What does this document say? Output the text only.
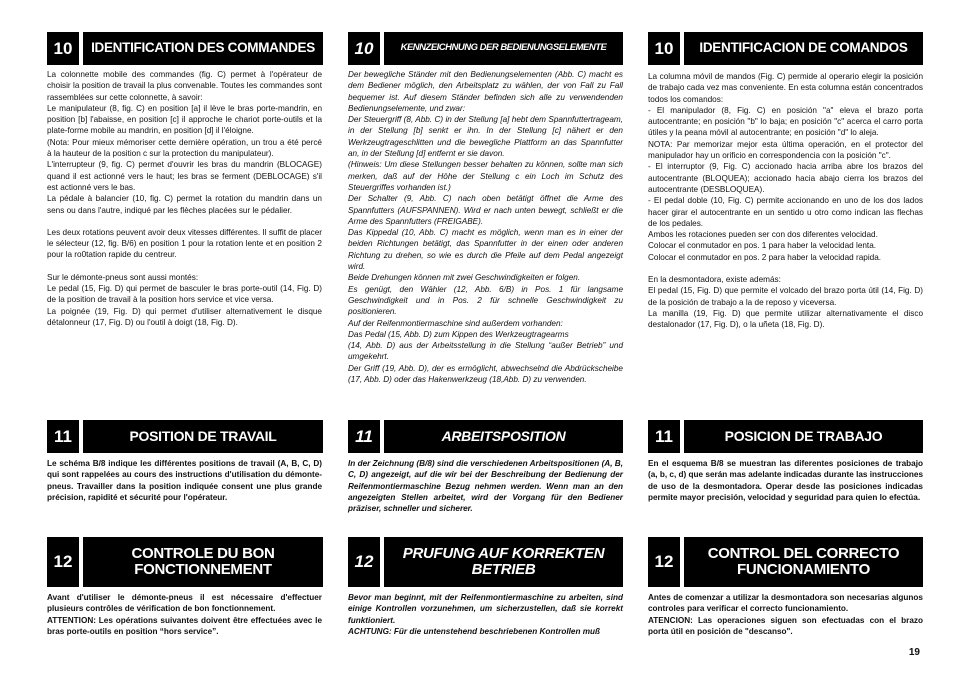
10	IDENTIFICATION DES COMMANDES

La colonnette mobile des commandes (fig. C) permet à l'opérateur de choisir la position de travail la plus convenable. Toutes les commandes sont rassemblées sur cette colonnette, à savoir:

Le manipulateur (8, fig. C) en position [a] il lève le bras porte-mandrin, en position [b] l'abaisse, en position [c] il approche le chariot porte-outils et la plate-forme mobile au mandrin, en position [d] il l'éloigne.

(Nota: Pour mieux mémoriser cette dernière opération, un trou a été percé à la hauteur de la position c sur la protection du manipulateur).

L'interrupteur (9, fig. C) permet d'ouvrir les bras du mandrin (BLOCAGE) quand il est actionné vers le haut; les bras se ferment (DEBLOCAGE) s'il est actionné vers le bas.

La pédale à balancier (10, fig. C) permet la rotation du mandrin dans un sens ou dans l'autre, indiqué par les flèches placées sur le pédalier.

Les deux rotations peuvent avoir deux vitesses différentes. Il suffit de placer le sélecteur (12, fig. B/6) en position 1 pour la rotation lente et en position 2 pour la ro0tation rapide du centreur.

Sur le démonte-pneus sont aussi montés:

Le pedal (15, Fig. D) qui permet de basculer le bras porte-outil (14, Fig. D) de la position de travail à la position hors service et vice versa.

La poignée (19, Fig. D) qui permet d'utiliser alternativement le disque détalonneur (17, Fig. D) ou l'outil à doigt (18, Fig. D).

11	POSITION DE TRAVAIL

Le schéma B/8 indique les différentes positions de travail (A, B, C, D) qui sont rappelées au cours des instructions d'utilisation du démonte-pneus. Travailler dans la position indiquée consent une plus grande précision, rapidité et sécurité pour l'opérateur.

12	CONTROLE DU BON
FONCTIONNEMENT

Avant d'utiliser le démonte-pneus il est nécessaire d'effectuer plusieurs contrôles de vérification de bon fonctionnement.

ATTENTION: Les opérations suivantes doivent être effectuées avec le bras porte-outils en position “hors service”.

10	KENNZEICHNUNG DER BEDIENUNGSELEMENTE

Der bewegliche Ständer mit den Bedienungselementen (Abb. C) macht es dem Bediener möglich, den Arbeitsplatz zu wählen, der von Fall zu Fall bequemer ist. Auf diesem Ständer befinden sich alle zu verwendenden Bedienungselemente, und zwar:

Der Steuergriff (8, Abb. C) in der Stellung [a] hebt dem Spannfuttertrageam, in der Stellung [b] senkt er ihn. In der Stellung [c] nähert er den Werkzeugtrageschlitten und die bewegliche Plattform an das Spannfutter an, in der Stellung [d] entfernt er sie davon.

(Hinweis: Um diese Stellungen besser behalten zu können, sollte man sich merken, daß auf der Höhe der Stellung c ein Loch im Schutz des Steuergriffes vorhanden ist.)

Der Schalter (9, Abb. C) nach oben betätigt öffnet die Arme des Spannfutters (AUFSPANNEN). Wird er nach unten bewegt, schließt er die Arme des Spannfutters (FREIGABE).

Das Kippedal (10, Abb. C) macht es möglich, wenn man es in einer der beiden Richtungen betätigt, das Spannfutter in der einen oder anderen Richtung zu drehen, so wie es durch die Pfeile auf dem Pedal angezeigt wird.

Beide Drehungen können mit zwei Geschwindigkeiten er folgen.

Es genügt, den Wähler (12, Abb. 6/B) in Pos. 1 für langsame Geschwindigkeit und in Pos. 2 für schnelle Geschwindigkeit zu positionieren.

Auf der Reifenmontiermaschine sind außerdem vorhanden:

Das Pedal (15, Abb. D) zum Kippen des Werkzeugtragearms

(14, Abb. D) aus der Arbeitsstellung in die Stellung “außer Betrieb” und umgekehrt.

Der Griff (19, Abb. D), der es ermöglicht, abwechselnd die Abdrückscheibe (17, Abb. D) oder das Hakenwerkzeug (18,Abb. D) zu verwenden.

11	ARBEITSPOSITION

In der Zeichnung (B/8) sind die verschiedenen Arbeitspositionen (A, B, C, D) angezeigt, auf die wir bei der Beschreibung der Bedienung der Reifenmontiermaschine Bezug nehmen werden. Wenn man an den angezeigten Stellen arbeitet, wird der Vorgang für den Bediener präziser, schneller und sicherer.

12	PRUFUNG AUF KORREKTEN
BETRIEB

Bevor man beginnt, mit der Reifenmontiermaschine zu arbeiten, sind einige Kontrollen vorzunehmen, um sicherzustellen, daß sie korrekt funktioniert.

ACHTUNG: Für die untenstehend beschriebenen Kontrollen muß

10	IDENTIFICACION DE COMANDOS

La columna móvil de mandos (Fig. C) permide al operario elegir la posición de trabajo cada vez mas conveniente. En esta columna están concentrados todos los comandos:

- El manipulador (8, Fig. C) en posición "a" eleva el brazo porta autocentrante; en posición "b" lo baja; en posición "c" acerca el carro porta útiles y la peana móvil al autocentrante; en posición "d" lo aleja.

NOTA: Par memorizar mejor esta última operación, en el protector del manipulador hay un orificio en correspondencia con la posición "c".

- El interruptor (9, Fig. C) accionado hacia arriba abre los brazos del autocentrante (BLOQUEA); accionado hacia abajo cierra los brazos del autocentrante (DESBLOQUEA).

- El pedal doble (10, Fig. C) permite accionando en uno de los dos lados hacer girar el autocentrante en un sentido u otro como indican las flechas de los pedales.

Ambos les rotaciones pueden ser con dos diferentes velocidad.

Colocar el conmutador en pos. 1 para haber la velocidad lenta.

Colocar el conmutador en pos. 2 para haber la velocidad rapida.

En la desmontadora, existe además:

El pedal (15, Fig. D) que permite el volcado del brazo porta útil (14, Fig. D) de la posición de trabajo a la de reposo y viceversa.

La manilla (19, Fig. D) que permite utilizar alternativamente el disco destalonador (17, Fig. D), o la uñeta (18, Fig. D).

11	POSICION DE TRABAJO

En el esquema B/8 se muestran las diferentes posiciones de trabajo (a, b, c, d) que serán mas adelante indicadas durante las instrucciones de uso de la desmontadora. Operar desde las posiciones indicadas permite mayor precisión, velocidad y seguridad para quien lo efectúa.

12	CONTROL DEL CORRECTO
FUNCIONAMIENTO

Antes de comenzar a utilizar la desmontadora son necesarias algunos controles para verificar el correcto funcionamiento.

ATENCION: Las operaciones siguen son efectuadas con el brazo porta útil en posición de "descanso".

19
